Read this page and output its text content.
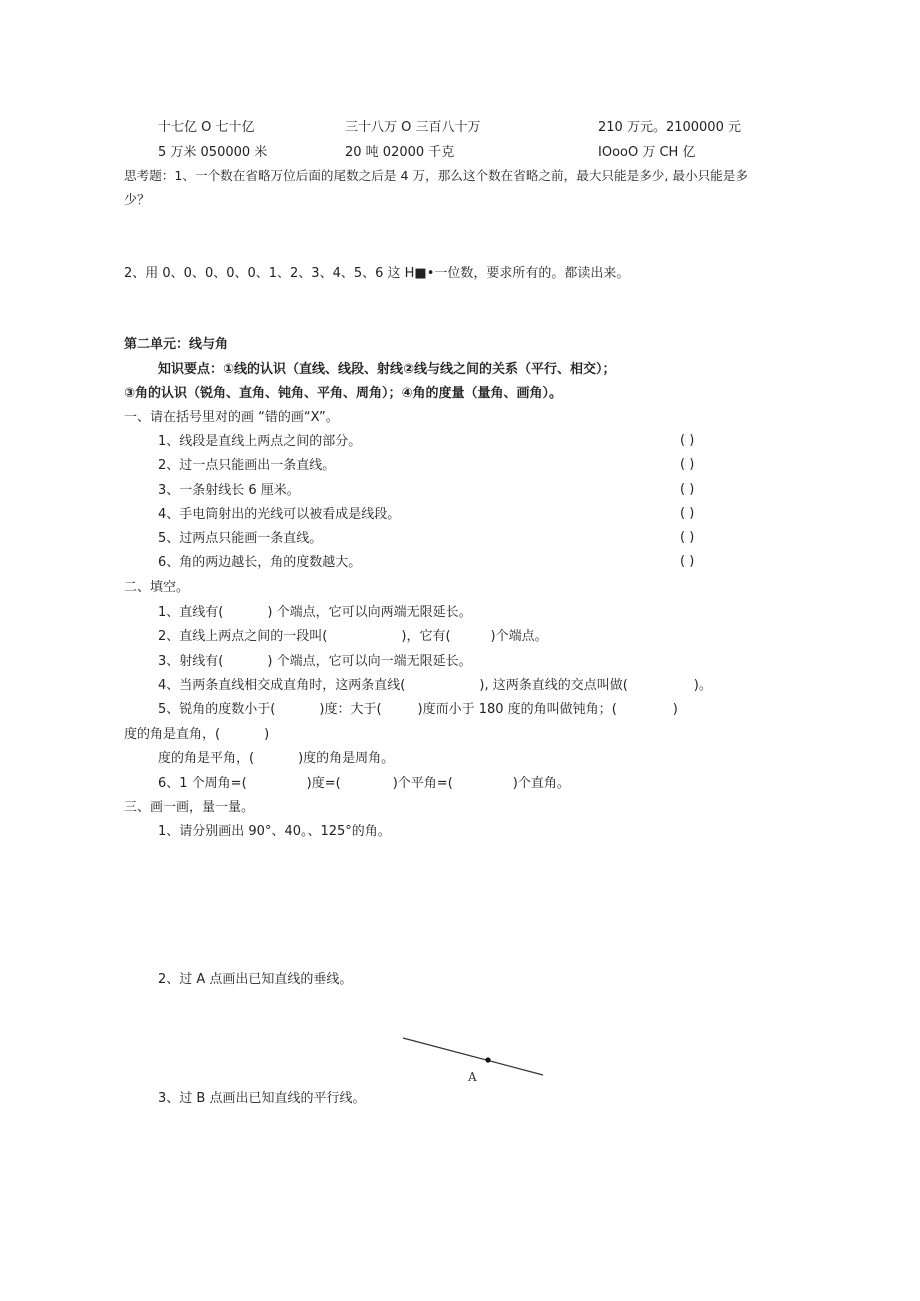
十七亿 O 七十亿	三十八万 O 三百八十万	210 万元。2100000 元
5 万米 050000 米	20 吨 02000 千克	IOooO 万 CH 亿
思考题：1、一个数在省略万位后面的尾数之后是 4 万，那么这个数在省略之前，最大只能是多少, 最小只能是多
少？
2、用 0、0、0、0、0、1、2、3、4、5、6 这 H■•一位数，要求所有的。都读出来。
第二单元：线与角
知识要点：①线的认识（直线、线段、射线②线与线之间的关系（平行、相交）；
③角的认识（锐角、直角、钝角、平角、周角）；④角的度量（量角、画角）。
一、请在括号里对的画 “错的画“X”。
1、线段是直线上两点之间的部分。	( )
2、过一点只能画出一条直线。	( )
3、一条射线长 6 厘米。	( )
4、手电筒射出的光线可以被看成是线段。	( )
5、过两点只能画一条直线。	( )
6、角的两边越长，角的度数越大。	( )
二、填空。
1、直线有(	) 个端点，它可以向两端无限延长。
2、直线上两点之间的一段叫(	)，它有(	)个端点。
3、射线有(	) 个端点，它可以向一端无限延长。
4、当两条直线相交成直角时，这两条直线(	), 这两条直线的交点叫做(	)。
5、锐角的度数小于(	)度：大于(	)度而小于 180 度的角叫做钝角；(	)
度的角是直角，(	)
度的角是平角，(	)度的角是周角。
6、1 个周角=(	)度=(	)个平角=(	)个直角。
三、画一画，量一量。
1、请分别画出 90°、40。、125°的角。
2、过 A 点画出已知直线的垂线。
A
3、过 B 点画出已知直线的平行线。
